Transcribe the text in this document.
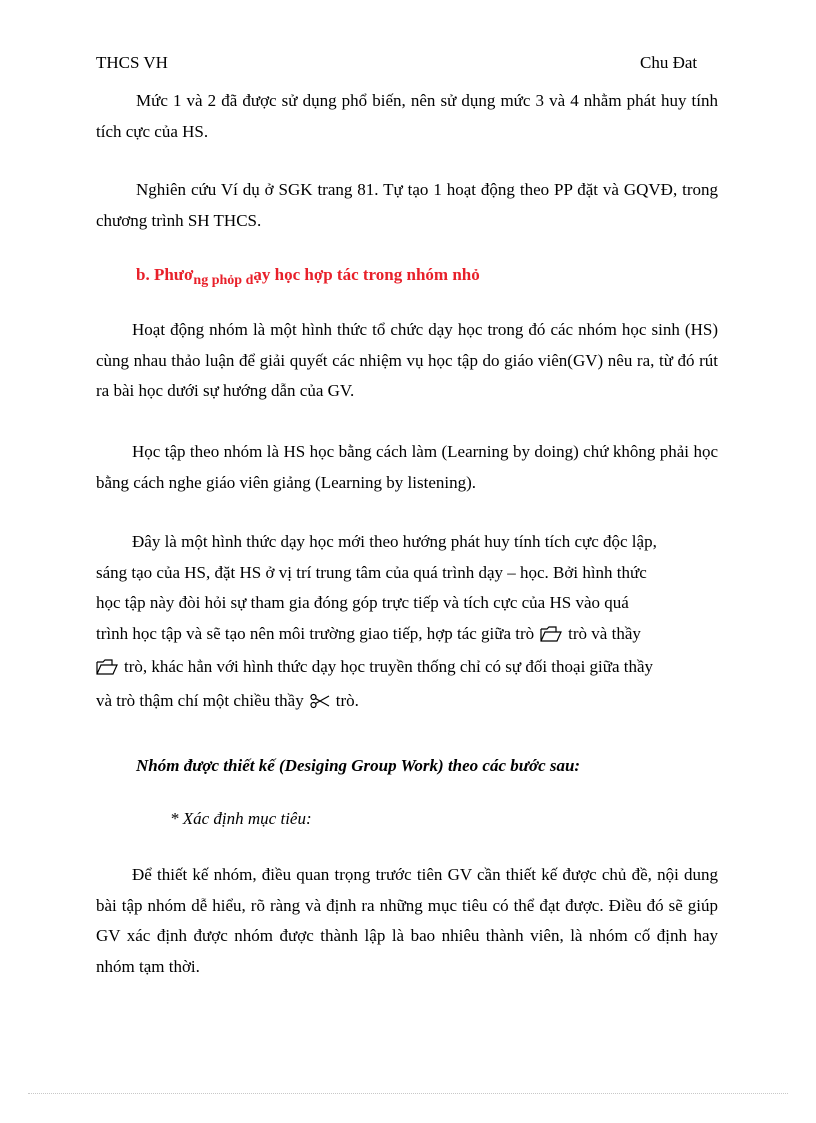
THCS VH	Chu Đat
Mức 1 và 2 đã được sử dụng phổ biến, nên sử dụng mức 3 và 4 nhằm phát huy tính tích cực của HS.
Nghiên cứu Ví dụ ở SGK trang 81. Tự tạo 1 hoạt động theo PP đặt và GQVĐ, trong chương trình SH THCS.
b. Phươ$_{ng phỏp d}$ạy học hợp tác trong nhóm nhỏ
Hoạt động nhóm là một hình thức tổ chức dạy học trong đó các nhóm học sinh (HS) cùng nhau thảo luận để giải quyết các nhiệm vụ học tập do giáo viên(GV) nêu ra, từ đó rút ra bài học dưới sự hướng dẫn của GV.
Học tập theo nhóm là HS học bằng cách làm (Learning by doing) chứ không phải học bằng cách nghe giáo viên giảng (Learning by listening).
Đây là một hình thức dạy học mới theo hướng phát huy tính tích cực độc lập,
sáng tạo của HS, đặt HS ở vị trí trung tâm của quá trình dạy – học. Bởi hình thức
học tập này đòi hỏi sự tham gia đóng góp trực tiếp và tích cực của HS vào quá
trình học tập và sẽ tạo nên môi trường giao tiếp, hợp tác giữa trò trò và thầy
trò, khác hẳn với hình thức dạy học truyền thống chỉ có sự đối thoại giữa thầy
và trò thậm chí một chiều thầy trò.
Nhóm được thiết kế (Desiging Group Work) theo các bước sau:
* Xác định mục tiêu:
Để thiết kế nhóm, điều quan trọng trước tiên GV cần thiết kế được chủ đề, nội dung bài tập nhóm dễ hiểu, rõ ràng và định ra những mục tiêu có thể đạt được. Điều đó sẽ giúp GV xác định được nhóm được thành lập là bao nhiêu thành viên, là nhóm cố định hay nhóm tạm thời.
